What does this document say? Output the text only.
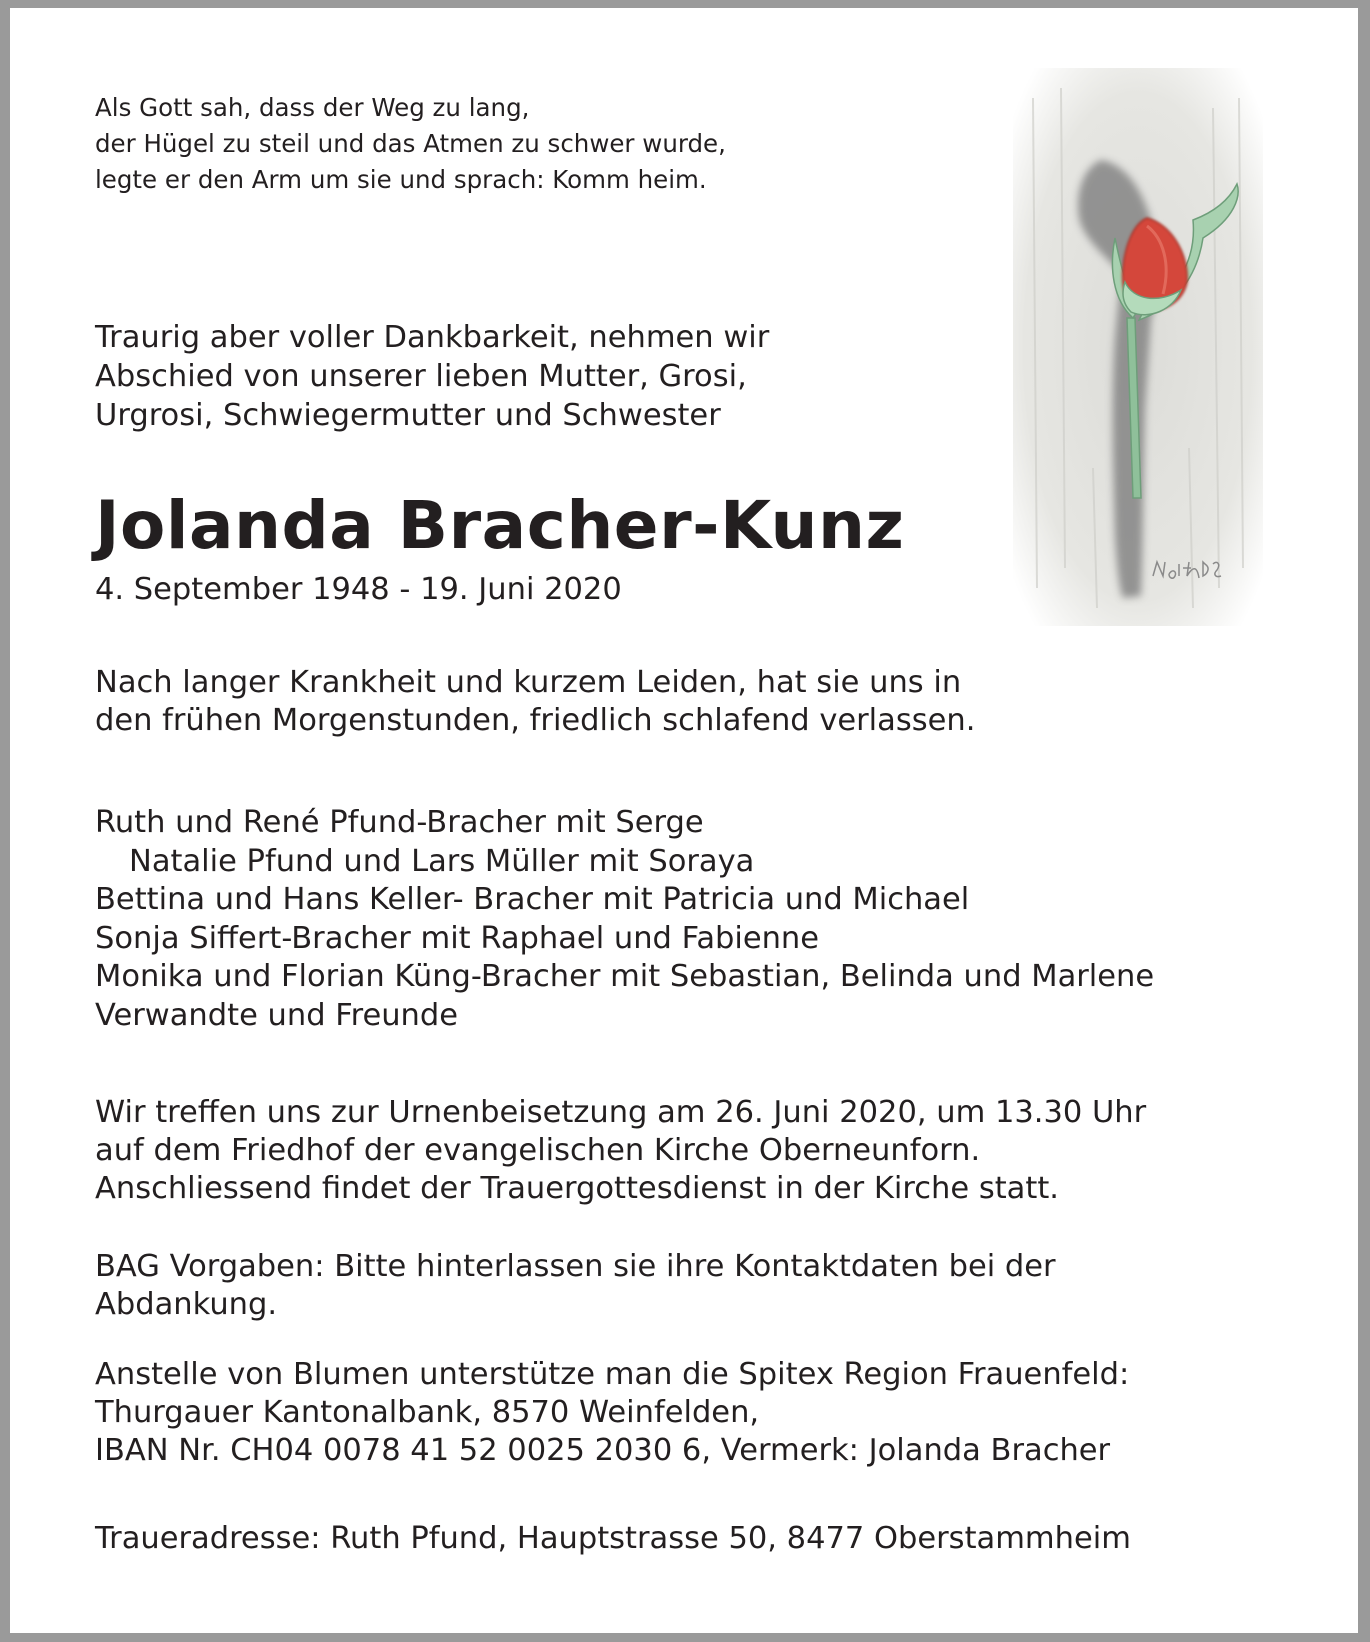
Als Gott sah, dass der Weg zu lang,
der Hügel zu steil und das Atmen zu schwer wurde,
legte er den Arm um sie und sprach: Komm heim.
Traurig aber voller Dankbarkeit, nehmen wir
Abschied von unserer lieben Mutter, Grosi,
Urgrosi, Schwiegermutter und Schwester
Jolanda Bracher-Kunz
4. September 1948 - 19. Juni 2020
Nach langer Krankheit und kurzem Leiden, hat sie uns in
den frühen Morgenstunden, friedlich schlafend verlassen.
Ruth und René Pfund-Bracher mit Serge
Natalie Pfund und Lars Müller mit Soraya
Bettina und Hans Keller- Bracher mit Patricia und Michael
Sonja Siffert-Bracher mit Raphael und Fabienne
Monika und Florian Küng-Bracher mit Sebastian, Belinda und Marlene
Verwandte und Freunde
Wir treffen uns zur Urnenbeisetzung am 26. Juni 2020, um 13.30 Uhr
auf dem Friedhof der evangelischen Kirche Oberneunforn.
Anschliessend findet der Trauergottesdienst in der Kirche statt.
BAG Vorgaben: Bitte hinterlassen sie ihre Kontaktdaten bei der
Abdankung.
Anstelle von Blumen unterstütze man die Spitex Region Frauenfeld:
Thurgauer Kantonalbank, 8570 Weinfelden,
IBAN Nr. CH04 0078 41 52 0025 2030 6, Vermerk: Jolanda Bracher
Traueradresse: Ruth Pfund, Hauptstrasse 50, 8477 Oberstammheim
